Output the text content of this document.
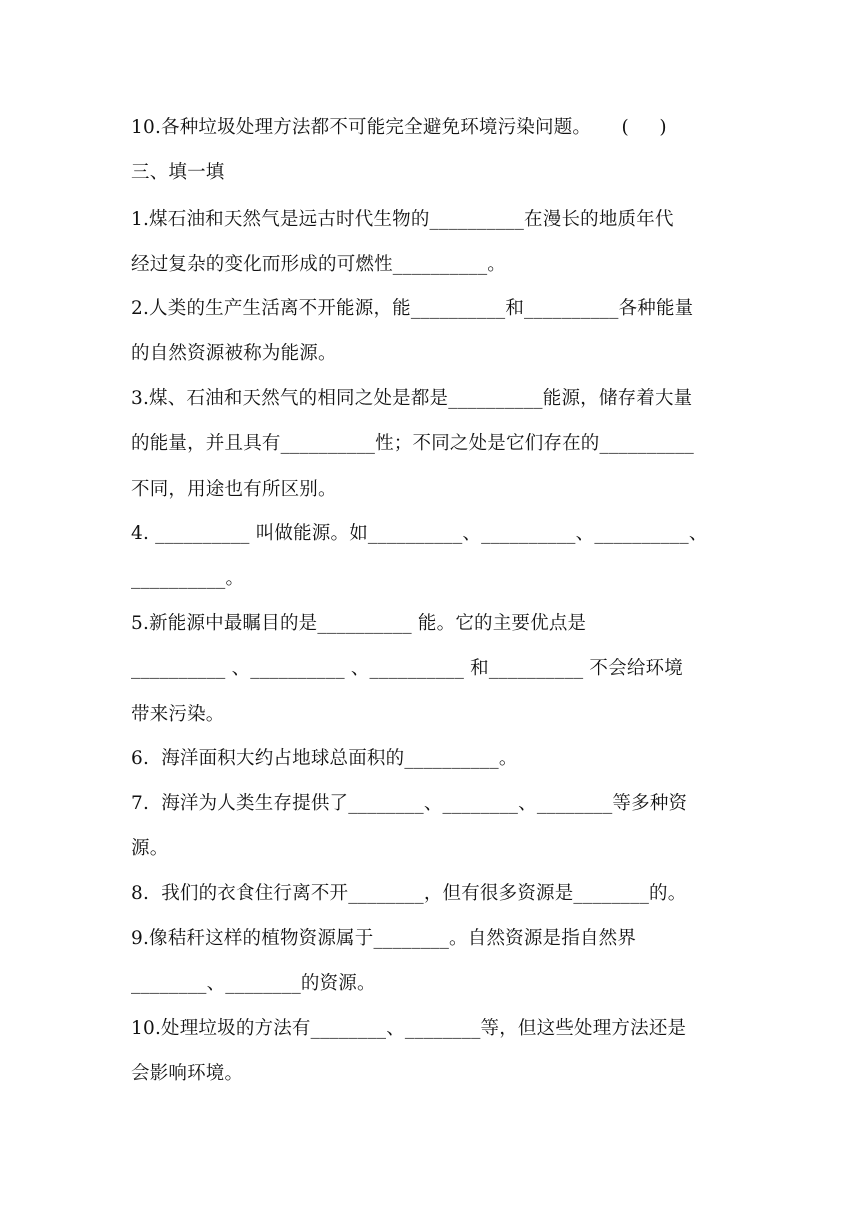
10.各种垃圾处理方法都不可能完全避免环境污染问题。     (     )
三、填一填
1.煤石油和天然气是远古时代生物的__________在漫长的地质年代
经过复杂的变化而形成的可燃性__________。
2.人类的生产生活离不开能源，能__________和__________各种能量
的自然资源被称为能源。
3.煤、石油和天然气的相同之处是都是__________能源，储存着大量
的能量，并且具有__________性；不同之处是它们存在的__________
不同，用途也有所区别。
4. __________ 叫做能源。如__________、__________、__________、
__________。
5.新能源中最瞩目的是__________ 能。它的主要优点是
__________ 、__________ 、__________ 和__________ 不会给环境
带来污染。
6.  海洋面积大约占地球总面积的__________。
7.  海洋为人类生存提供了________、________、________等多种资
源。
8.  我们的衣食住行离不开________，但有很多资源是________的。
9.像秸秆这样的植物资源属于________。自然资源是指自然界
________、________的资源。
10.处理垃圾的方法有________、________等，但这些处理方法还是
会影响环境。
